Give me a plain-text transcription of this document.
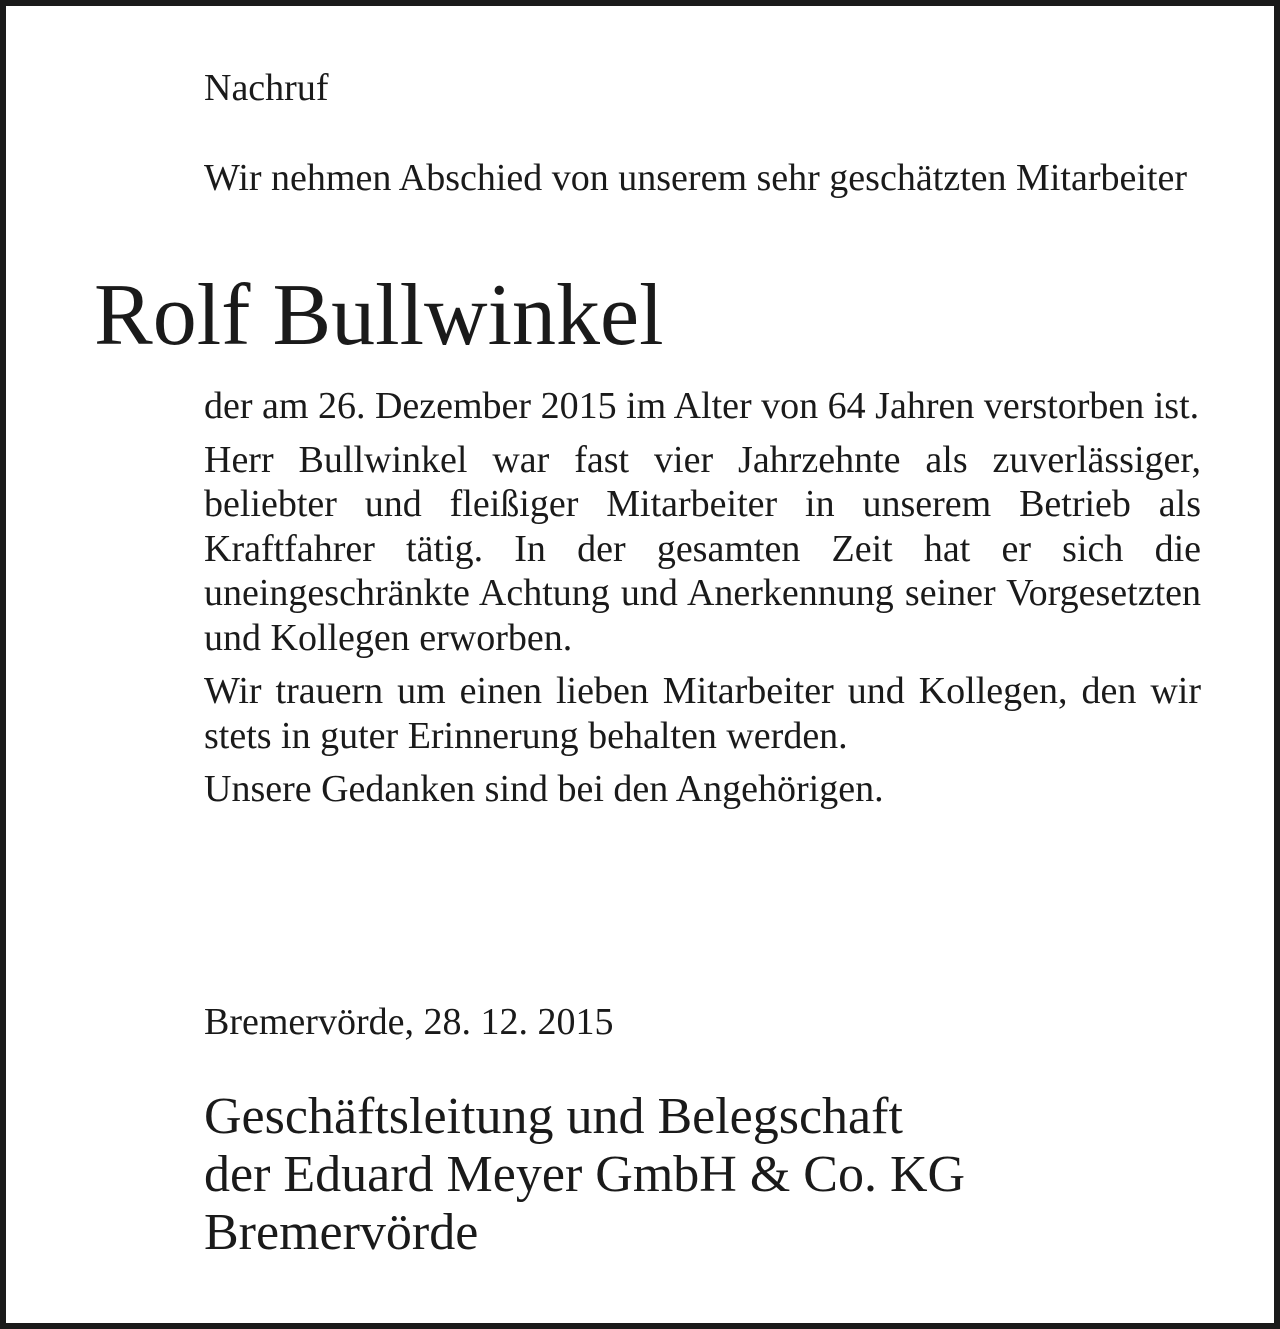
Nachruf
Wir nehmen Abschied von unserem sehr geschätzten Mitarbeiter
Rolf Bullwinkel

der am 26. Dezember 2015 im Alter von 64 Jahren verstorben ist.

Herr Bullwinkel war fast vier Jahrzehnte als zuverlässiger, beliebter und fleißiger Mitarbeiter in unserem Betrieb als Kraftfahrer tätig. In der gesamten Zeit hat er sich die uneingeschränkte Achtung und Anerkennung seiner Vorgesetzten und Kollegen erworben.

Wir trauern um einen lieben Mitarbeiter und Kollegen, den wir stets in guter Erinnerung behalten werden.

Unsere Gedanken sind bei den Angehörigen.

Bremervörde, 28. 12. 2015
Geschäftsleitung und Belegschaft
der Eduard Meyer GmbH & Co. KG
Bremervörde
